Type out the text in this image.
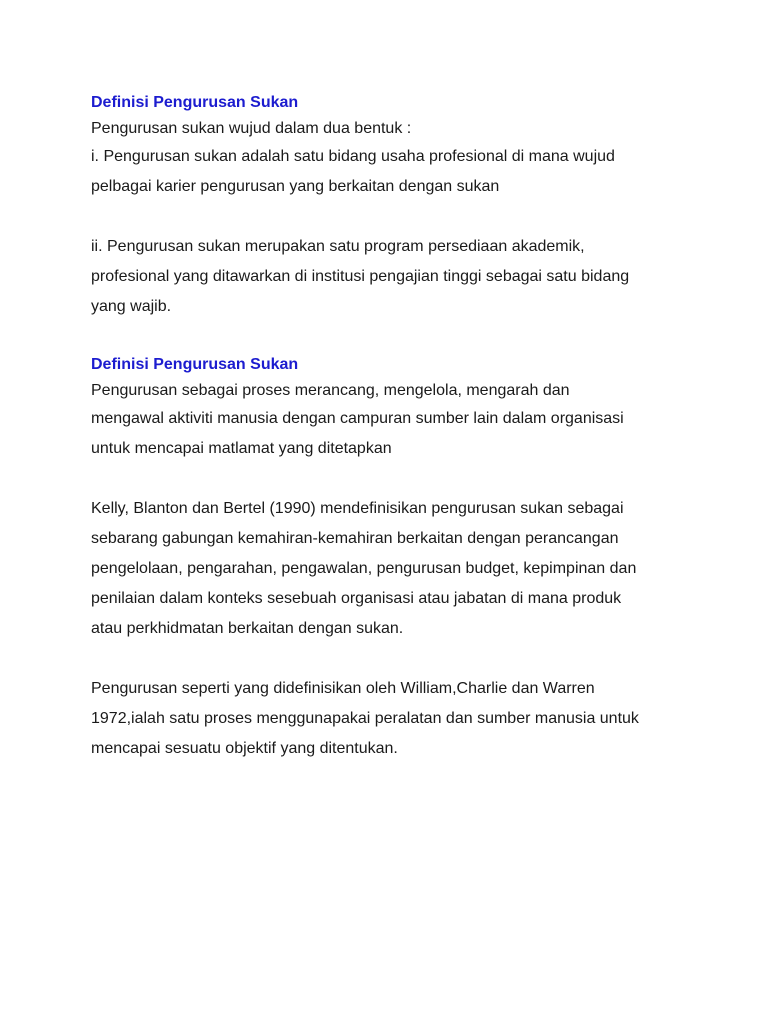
Definisi Pengurusan Sukan

Pengurusan sukan wujud dalam dua bentuk :

i. Pengurusan sukan adalah satu bidang usaha profesional di mana wujud

pelbagai karier pengurusan yang berkaitan dengan sukan

ii. Pengurusan sukan merupakan satu program persediaan akademik,

profesional yang ditawarkan di institusi pengajian tinggi sebagai satu bidang

yang wajib.

Definisi Pengurusan Sukan

Pengurusan sebagai proses merancang, mengelola, mengarah dan

mengawal aktiviti manusia dengan campuran sumber lain dalam organisasi

untuk mencapai matlamat yang ditetapkan

Kelly, Blanton dan Bertel (1990) mendefinisikan pengurusan sukan sebagai

sebarang gabungan kemahiran-kemahiran berkaitan dengan perancangan

pengelolaan, pengarahan, pengawalan, pengurusan budget, kepimpinan dan

penilaian dalam konteks sesebuah organisasi atau jabatan di mana produk

atau perkhidmatan berkaitan dengan sukan.

Pengurusan seperti yang didefinisikan oleh William,Charlie dan Warren

1972,ialah satu proses menggunapakai peralatan dan sumber manusia untuk

mencapai sesuatu objektif yang ditentukan.
